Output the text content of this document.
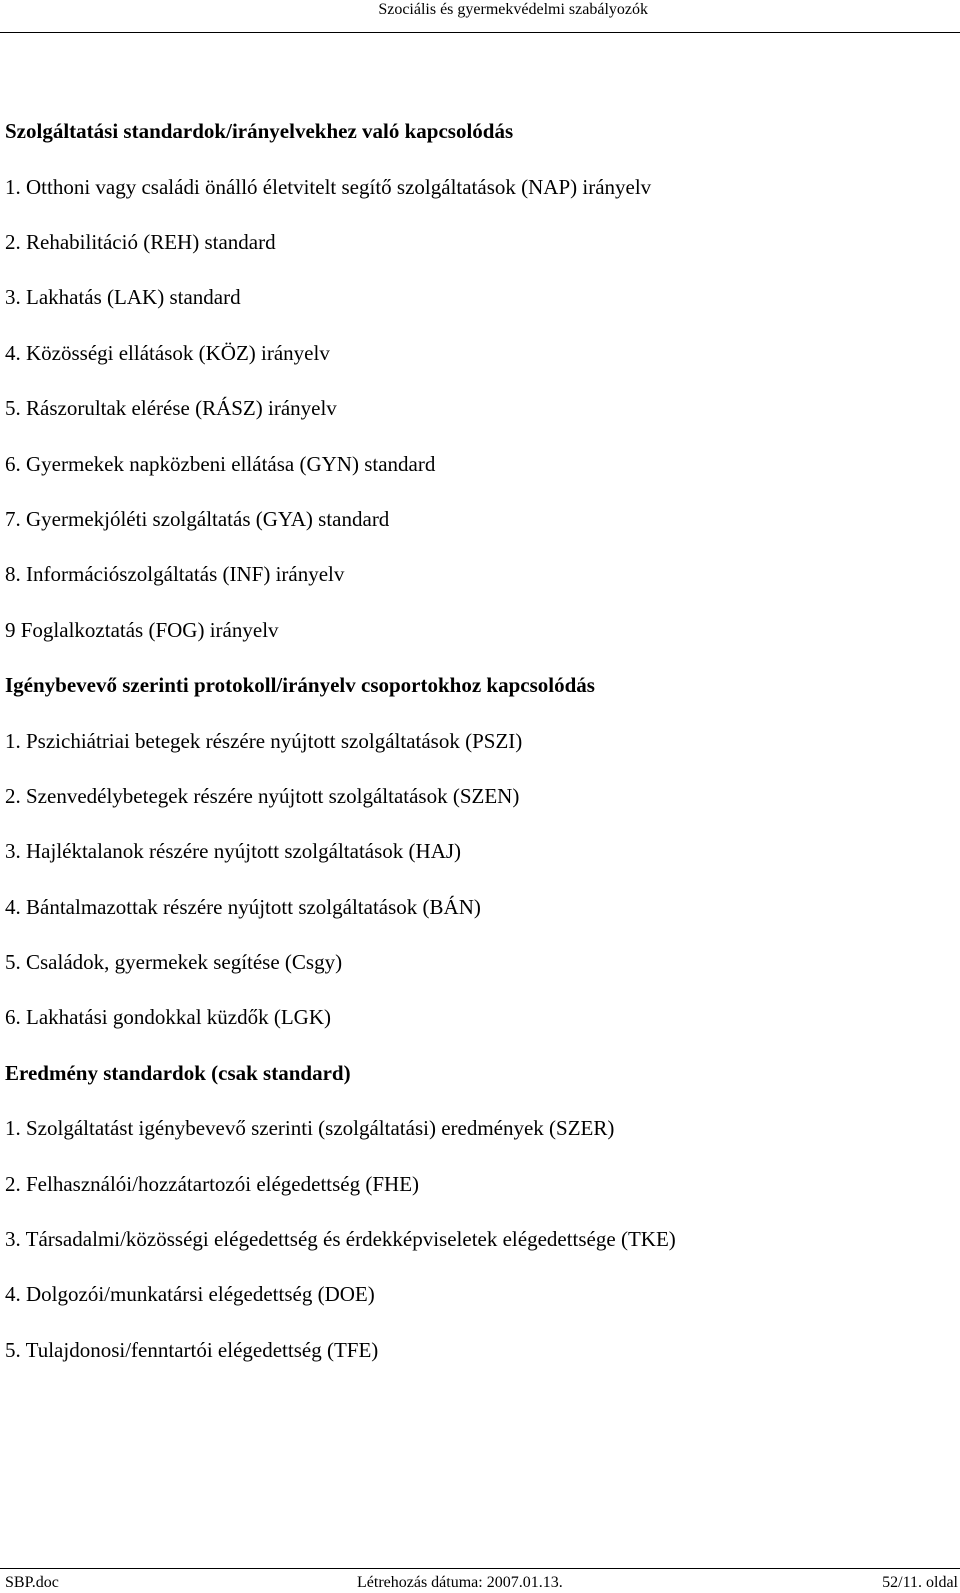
Szociális és gyermekvédelmi szabályozók
Szolgáltatási standardok/irányelvekhez való kapcsolódás
1. Otthoni vagy családi önálló életvitelt segítő szolgáltatások (NAP) irányelv
2. Rehabilitáció (REH) standard
3. Lakhatás (LAK) standard
4. Közösségi ellátások (KÖZ) irányelv
5. Rászorultak elérése (RÁSZ) irányelv
6. Gyermekek napközbeni ellátása (GYN) standard
7. Gyermekjóléti szolgáltatás (GYA) standard
8. Információszolgáltatás (INF) irányelv
9 Foglalkoztatás (FOG) irányelv
Igénybevevő szerinti protokoll/irányelv csoportokhoz kapcsolódás
1. Pszichiátriai betegek részére nyújtott szolgáltatások (PSZI)
2. Szenvedélybetegek részére nyújtott szolgáltatások (SZEN)
3. Hajléktalanok részére nyújtott szolgáltatások (HAJ)
4. Bántalmazottak részére nyújtott szolgáltatások (BÁN)
5. Családok, gyermekek segítése (Csgy)
6. Lakhatási gondokkal küzdők (LGK)
Eredmény standardok (csak standard)
1. Szolgáltatást igénybevevő szerinti (szolgáltatási) eredmények (SZER)
2. Felhasználói/hozzátartozói elégedettség (FHE)
3. Társadalmi/közösségi elégedettség és érdekképviseletek elégedettsége (TKE)
4. Dolgozói/munkatársi elégedettség (DOE)
5. Tulajdonosi/fenntartói elégedettség (TFE)
SBP.doc	Létrehozás dátuma: 2007.01.13.	52/11. oldal
